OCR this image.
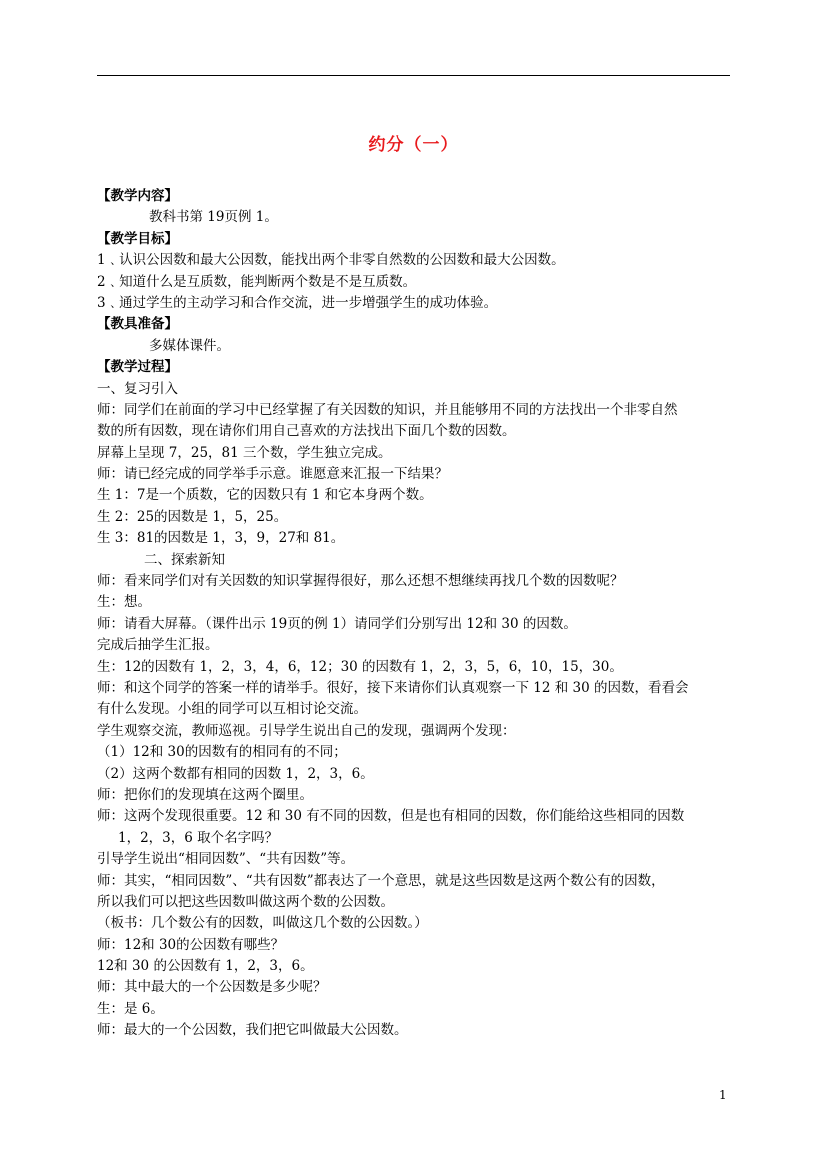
约分（一）
【教学内容】
教科书第 19页例 1。
【教学目标】
1﹑认识公因数和最大公因数，能找出两个非零自然数的公因数和最大公因数。
2﹑知道什么是互质数，能判断两个数是不是互质数。
3﹑通过学生的主动学习和合作交流，进一步增强学生的成功体验。
【教具准备】
多媒体课件。
【教学过程】
一、复习引入
师：同学们在前面的学习中已经掌握了有关因数的知识，并且能够用不同的方法找出一个非零自然
数的所有因数，现在请你们用自己喜欢的方法找出下面几个数的因数。
屏幕上呈现 7，25，81 三个数，学生独立完成。
师：请已经完成的同学举手示意。谁愿意来汇报一下结果？
生 1：7是一个质数，它的因数只有 1 和它本身两个数。
生 2：25的因数是 1，5，25。
生 3：81的因数是 1，3，9，27和 81。
二、探索新知
师：看来同学们对有关因数的知识掌握得很好，那么还想不想继续再找几个数的因数呢？
生：想。
师：请看大屏幕。（课件出示 19页的例 1）请同学们分别写出 12和 30 的因数。
完成后抽学生汇报。
生：12的因数有 1，2，3，4，6，12；30 的因数有 1，2，3，5，6，10，15，30。
师：和这个同学的答案一样的请举手。很好，接下来请你们认真观察一下 12 和 30 的因数，看看会
有什么发现。小组的同学可以互相讨论交流。
学生观察交流，教师巡视。引导学生说出自己的发现，强调两个发现：
（1）12和 30的因数有的相同有的不同；
（2）这两个数都有相同的因数 1，2，3，6。
师：把你们的发现填在这两个圈里。
师：这两个发现很重要。12 和 30 有不同的因数，但是也有相同的因数，你们能给这些相同的因数
1，2，3，6 取个名字吗？
引导学生说出“相同因数”、“共有因数”等。
师：其实，“相同因数”、“共有因数”都表达了一个意思，就是这些因数是这两个数公有的因数，
所以我们可以把这些因数叫做这两个数的公因数。
（板书：几个数公有的因数，叫做这几个数的公因数。）
师：12和 30的公因数有哪些？
12和 30 的公因数有 1，2，3，6。
师：其中最大的一个公因数是多少呢？
生：是 6。
师：最大的一个公因数，我们把它叫做最大公因数。
1
